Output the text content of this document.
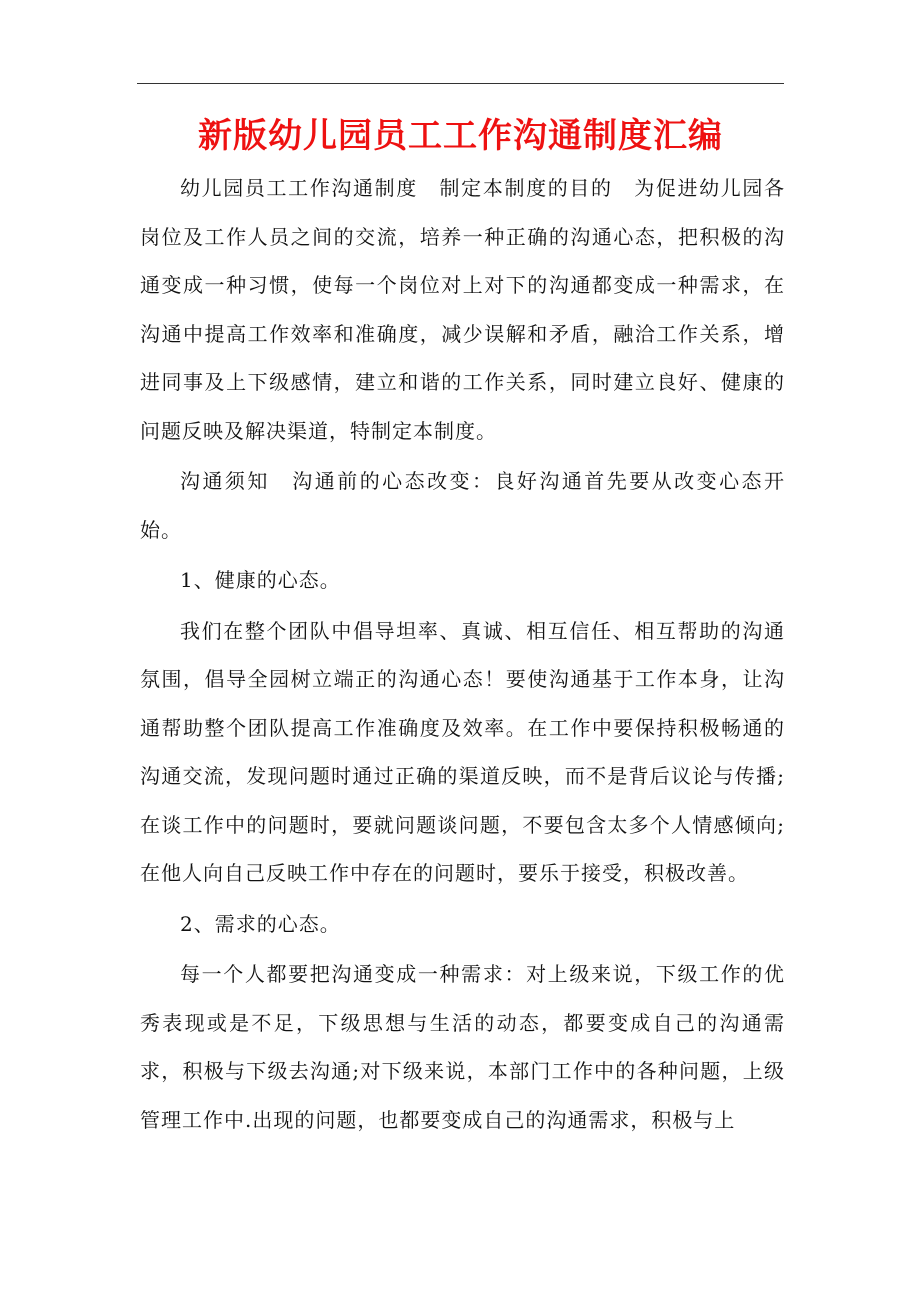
新版幼儿园员工工作沟通制度汇编

幼儿园员工工作沟通制度　制定本制度的目的　为促进幼儿园各岗位及工作人员之间的交流，培养一种正确的沟通心态，把积极的沟通变成一种习惯，使每一个岗位对上对下的沟通都变成一种需求，在沟通中提高工作效率和准确度，减少误解和矛盾，融洽工作关系，增进同事及上下级感情，建立和谐的工作关系，同时建立良好、健康的问题反映及解决渠道，特制定本制度。

沟通须知　沟通前的心态改变：良好沟通首先要从改变心态开始。

1、健康的心态。

我们在整个团队中倡导坦率、真诚、相互信任、相互帮助的沟通氛围，倡导全园树立端正的沟通心态！要使沟通基于工作本身，让沟通帮助整个团队提高工作准确度及效率。在工作中要保持积极畅通的沟通交流，发现问题时通过正确的渠道反映，而不是背后议论与传播;在谈工作中的问题时，要就问题谈问题，不要包含太多个人情感倾向;在他人向自己反映工作中存在的问题时，要乐于接受，积极改善。

2、需求的心态。

每一个人都要把沟通变成一种需求：对上级来说，下级工作的优秀表现或是不足，下级思想与生活的动态，都要变成自己的沟通需求，积极与下级去沟通;对下级来说，本部门工作中的各种问题，上级管理工作中.出现的问题，也都要变成自己的沟通需求，积极与上
